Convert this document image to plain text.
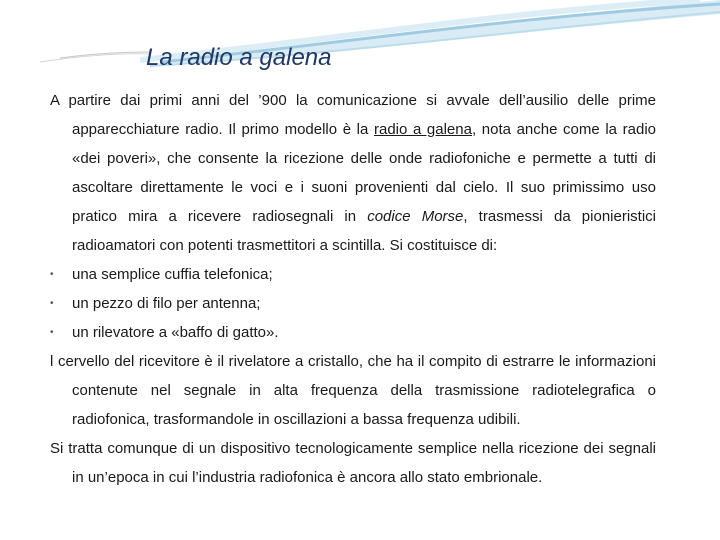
La radio a galena

A partire dai primi anni del ’900 la comunicazione si avvale dell’ausilio delle prime apparecchiature radio. Il primo modello è la radio a galena, nota anche come la radio «dei poveri», che consente la ricezione delle onde radiofoniche e permette a tutti di ascoltare direttamente le voci e i suoni provenienti dal cielo. Il suo primissimo uso pratico mira a ricevere radiosegnali in codice Morse, trasmessi da pionieristici radioamatori con potenti trasmettitori a scintilla. Si costituisce di:

• una semplice cuffia telefonica;
• un pezzo di filo per antenna;
• un rilevatore a «baffo di gatto».

l cervello del ricevitore è il rivelatore a cristallo, che ha il compito di estrarre le informazioni contenute nel segnale in alta frequenza della trasmissione radiotelegrafica o radiofonica, trasformandole in oscillazioni a bassa frequenza udibili.

Si tratta comunque di un dispositivo tecnologicamente semplice nella ricezione dei segnali in un’epoca in cui l’industria radiofonica è ancora allo stato embrionale.
